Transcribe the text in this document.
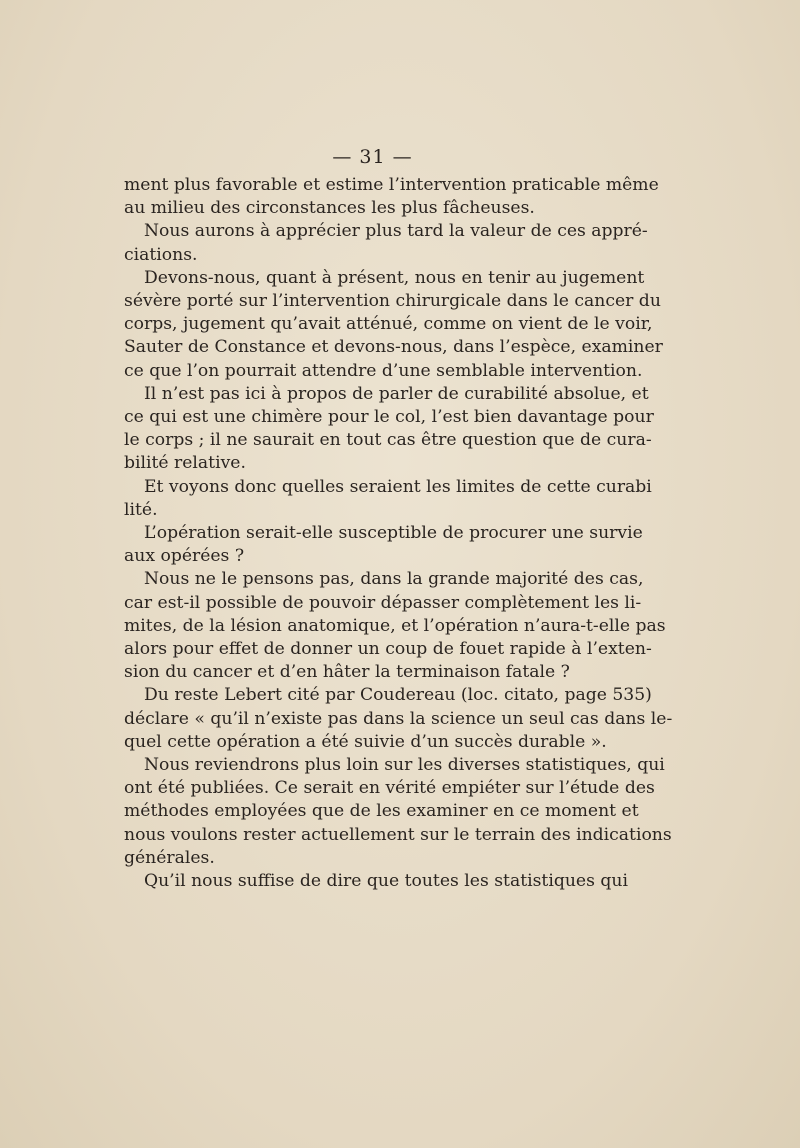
— 31 —

ment plus favorable et estime l’intervention praticable même
au milieu des circonstances les plus fâcheuses.

Nous aurons à apprécier plus tard la valeur de ces appré-
ciations.

Devons-nous, quant à présent, nous en tenir au jugement
sévère porté sur l’intervention chirurgicale dans le cancer du
corps, jugement qu’avait atténué, comme on vient de le voir,
Sauter de Constance et devons-nous, dans l’espèce, examiner
ce que l’on pourrait attendre d’une semblable intervention.

Il n’est pas ici à propos de parler de curabilité absolue, et
ce qui est une chimère pour le col, l’est bien davantage pour
le corps ; il ne saurait en tout cas être question que de cura-
bilité relative.

Et voyons donc quelles seraient les limites de cette curabi
lité.

L’opération serait-elle susceptible de procurer une survie
aux opérées ?

Nous ne le pensons pas, dans la grande majorité des cas,
car est-il possible de pouvoir dépasser complètement les li-
mites, de la lésion anatomique, et l’opération n’aura-t-elle pas
alors pour effet de donner un coup de fouet rapide à l’exten-
sion du cancer et d’en hâter la terminaison fatale ?

Du reste Lebert cité par Coudereau (loc. citato, page 535)
déclare « qu’il n’existe pas dans la science un seul cas dans le-
quel cette opération a été suivie d’un succès durable ».

Nous reviendrons plus loin sur les diverses statistiques, qui
ont été publiées. Ce serait en vérité empiéter sur l’étude des
méthodes employées que de les examiner en ce moment et
nous voulons rester actuellement sur le terrain des indications
générales.

Qu’il nous suffise de dire que toutes les statistiques qui
